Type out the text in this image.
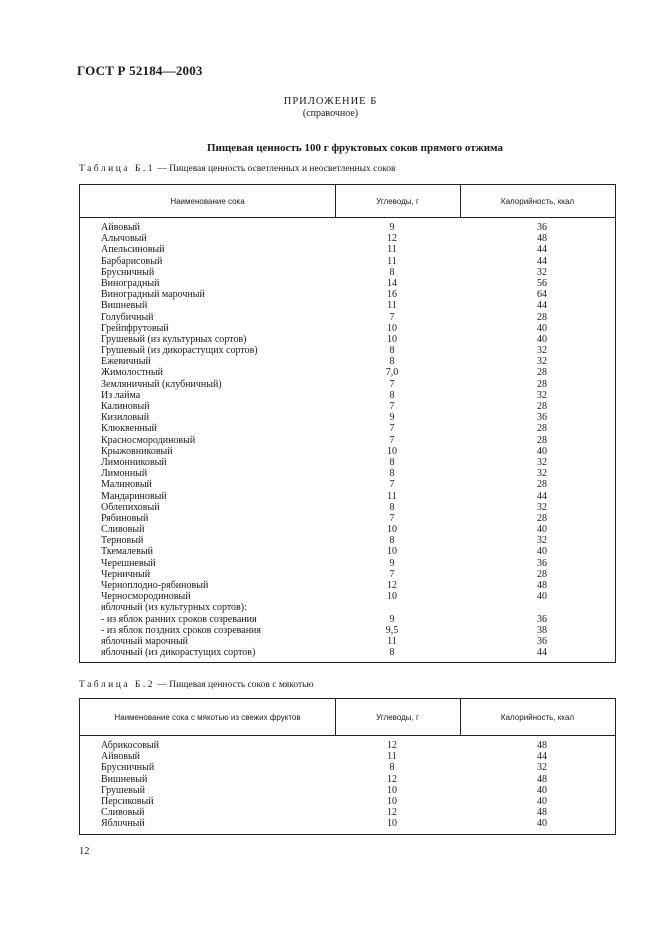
ГОСТ Р 52184—2003
ПРИЛОЖЕНИЕ Б
(справочное)
Пищевая ценность 100 г фруктовых соков прямого отжима
Таблица Б.1 — Пищевая ценность осветленных и неосветленных соков
Наименование сока	Углеводы, г	Калорийность, ккал
Айвовый	9	36
Алычовый	12	48
Апельсиновый	11	44
Барбарисовый	11	44
Брусничный	8	32
Виноградный	14	56
Виноградный марочный	16	64
Вишневый	11	44
Голубичный	7	28
Грейпфрутовый	10	40
Грушевый (из культурных сортов)	10	40
Грушевый (из дикорастущих сортов)	8	32
Ежевичный	8	32
Жимолостный	7,0	28
Земляничный (клубничный)	7	28
Из лайма	8	32
Калиновый	7	28
Кизиловый	9	36
Клюквенный	7	28
Красносмородиновый	7	28
Крыжовниковый	10	40
Лимонниковый	8	32
Лимонный	8	32
Малиновый	7	28
Мандариновый	11	44
Облепиховый	8	32
Рябиновый	7	28
Сливовый	10	40
Терновый	8	32
Ткемалевый	10	40
Черешневый	9	36
Черничный	7	28
Черноплодно-рябиновый	12	48
Черносмородиновый	10	40
яблочный (из культурных сортов):
- из яблок ранних сроков созревания	9	36
- из яблок поздних сроков созревания	9,5	38
яблочный марочный	11	36
яблочный (из дикорастущих сортов)	8	44
Таблица Б.2 — Пищевая ценность соков с мякотью
Наименование сока с мякотью из свежих фруктов	Углеводы, г	Калорийность, ккал
Абрикосовый	12	48
Айвовый	11	44
Брусничный	8	32
Вишневый	12	48
Грушевый	10	40
Персиковый	10	40
Сливовый	12	48
Яблочный	10	40
12
